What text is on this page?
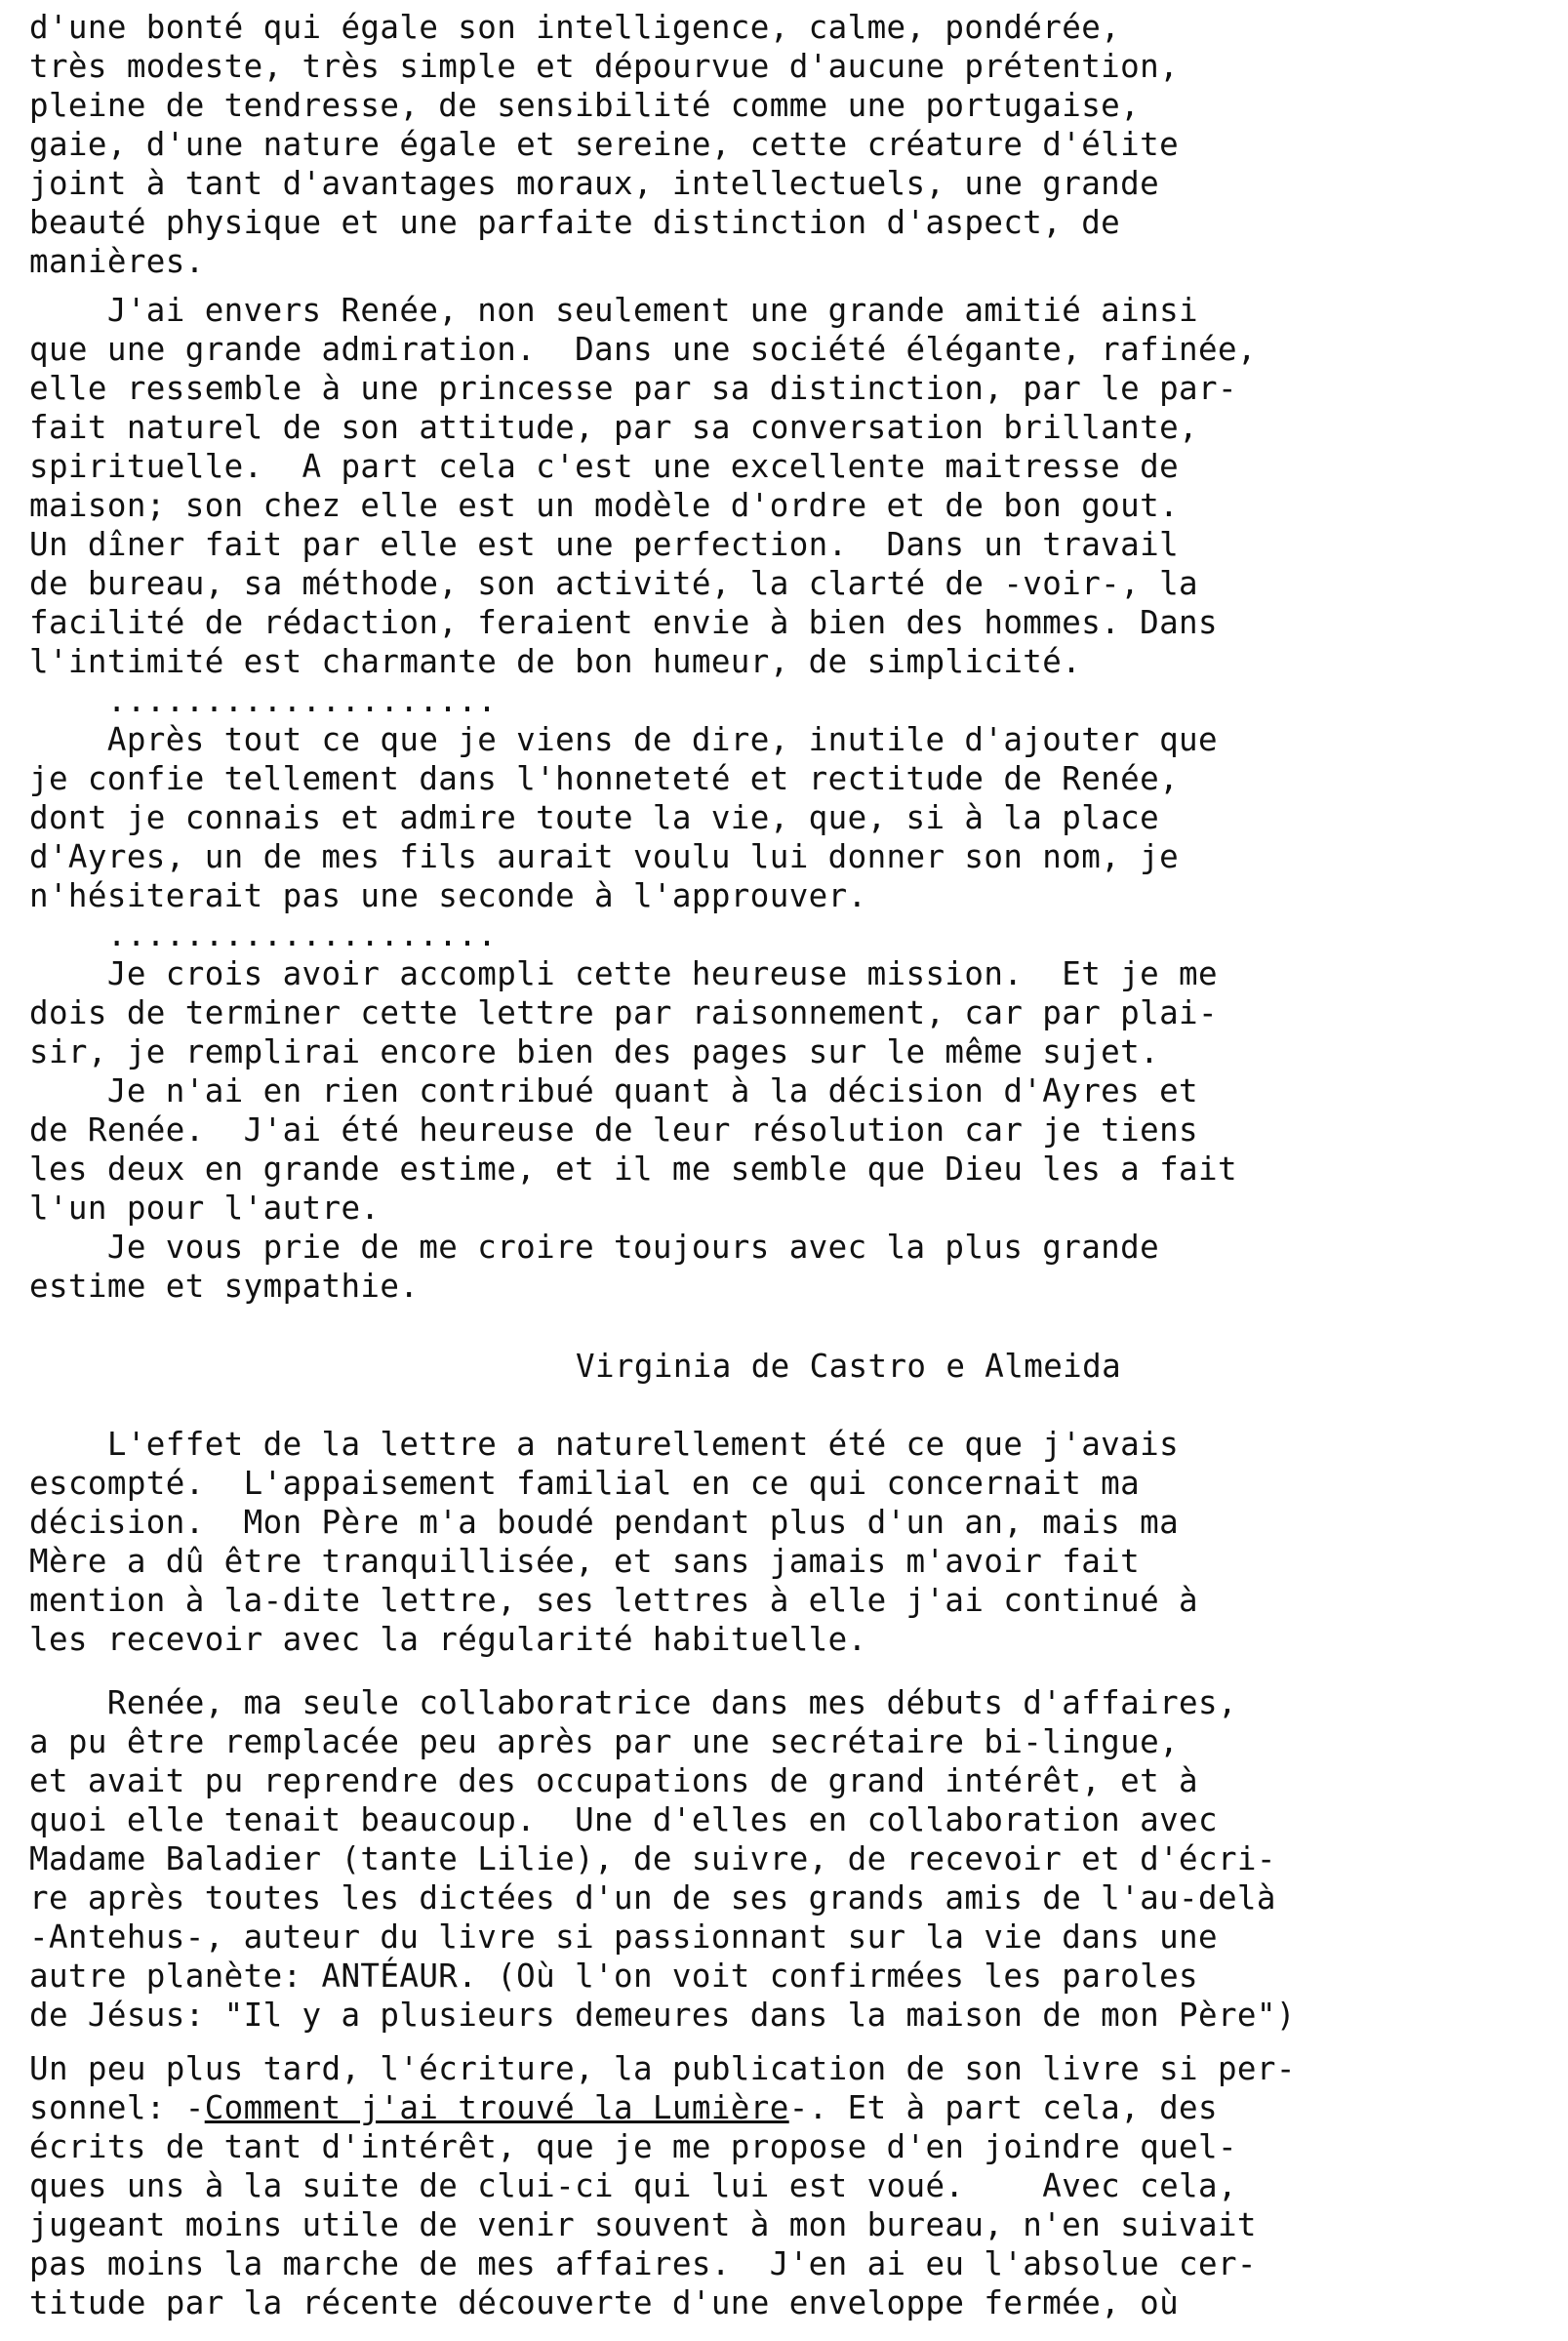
d'une bonté qui égale son intelligence, calme, pondérée,
très modeste, très simple et dépourvue d'aucune prétention,
pleine de tendresse, de sensibilité comme une portugaise,
gaie, d'une nature égale et sereine, cette créature d'élite
joint à tant d'avantages moraux, intellectuels, une grande
beauté physique et une parfaite distinction d'aspect, de
manières.
J'ai envers Renée, non seulement une grande amitié ainsi
que une grande admiration.  Dans une société élégante, rafinée,
elle ressemble à une princesse par sa distinction, par le par-
fait naturel de son attitude, par sa conversation brillante,
spirituelle.  A part cela c'est une excellente maitresse de
maison; son chez elle est un modèle d'ordre et de bon gout.
Un dîner fait par elle est une perfection.  Dans un travail
de bureau, sa méthode, son activité, la clarté de -voir-, la
facilité de rédaction, feraient envie à bien des hommes. Dans
l'intimité est charmante de bon humeur, de simplicité.
....................
Après tout ce que je viens de dire, inutile d'ajouter que
je confie tellement dans l'honneteté et rectitude de Renée,
dont je connais et admire toute la vie, que, si à la place
d'Ayres, un de mes fils aurait voulu lui donner son nom, je
n'hésiterait pas une seconde à l'approuver.
....................
Je crois avoir accompli cette heureuse mission.  Et je me
dois de terminer cette lettre par raisonnement, car par plai-
sir, je remplirai encore bien des pages sur le même sujet.
Je n'ai en rien contribué quant à la décision d'Ayres et
de Renée.  J'ai été heureuse de leur résolution car je tiens
les deux en grande estime, et il me semble que Dieu les a fait
l'un pour l'autre.
Je vous prie de me croire toujours avec la plus grande
estime et sympathie.
Virginia de Castro e Almeida
L'effet de la lettre a naturellement été ce que j'avais
escompté.  L'appaisement familial en ce qui concernait ma
décision.  Mon Père m'a boudé pendant plus d'un an, mais ma
Mère a dû être tranquillisée, et sans jamais m'avoir fait
mention à la-dite lettre, ses lettres à elle j'ai continué à
les recevoir avec la régularité habituelle.
Renée, ma seule collaboratrice dans mes débuts d'affaires,
a pu être remplacée peu après par une secrétaire bi-lingue,
et avait pu reprendre des occupations de grand intérêt, et à
quoi elle tenait beaucoup.  Une d'elles en collaboration avec
Madame Baladier (tante Lilie), de suivre, de recevoir et d'écri-
re après toutes les dictées d'un de ses grands amis de l'au-delà
-Antehus-, auteur du livre si passionnant sur la vie dans une
autre planète: ANTÉAUR. (Où l'on voit confirmées les paroles
de Jésus: "Il y a plusieurs demeures dans la maison de mon Père")
Un peu plus tard, l'écriture, la publication de son livre si per-
sonnel: -Comment j'ai trouvé la Lumière-. Et à part cela, des
écrits de tant d'intérêt, que je me propose d'en joindre quel-
ques uns à la suite de clui-ci qui lui est voué.    Avec cela,
jugeant moins utile de venir souvent à mon bureau, n'en suivait
pas moins la marche de mes affaires.  J'en ai eu l'absolue cer-
titude par la récente découverte d'une enveloppe fermée, où
